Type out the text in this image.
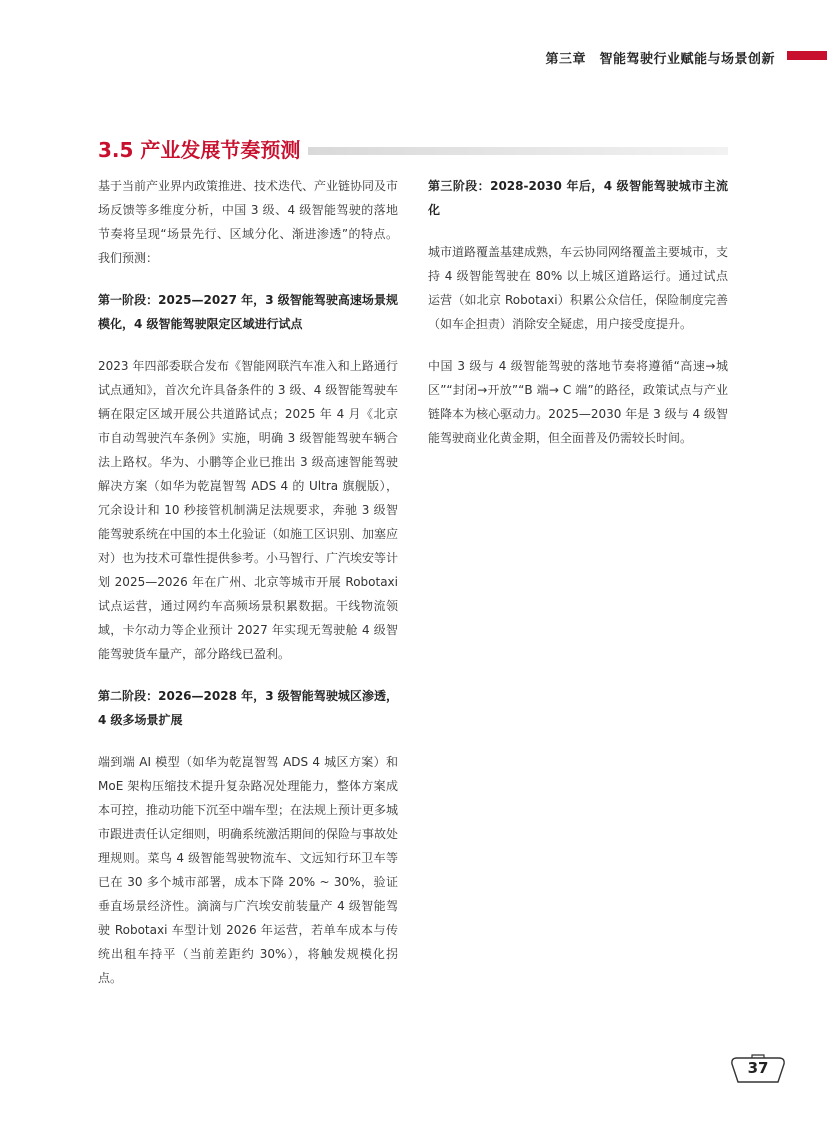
第三章　智能驾驶行业赋能与场景创新
3.5 产业发展节奏预测

基于当前产业界内政策推进、技术迭代、产业链协同及市场反馈等多维度分析，中国 3 级、4 级智能驾驶的落地节奏将呈现“场景先行、区域分化、渐进渗透”的特点。我们预测：

第一阶段：2025—2027 年，3 级智能驾驶高速场景规模化，4 级智能驾驶限定区域进行试点

2023 年四部委联合发布《智能网联汽车准入和上路通行试点通知》，首次允许具备条件的 3 级、4 级智能驾驶车辆在限定区域开展公共道路试点；2025 年 4 月《北京市自动驾驶汽车条例》实施，明确 3 级智能驾驶车辆合法上路权。华为、小鹏等企业已推出 3 级高速智能驾驶解决方案（如华为乾崑智驾 ADS 4 的 Ultra 旗舰版），冗余设计和 10 秒接管机制满足法规要求，奔驰 3 级智能驾驶系统在中国的本土化验证（如施工区识别、加塞应对）也为技术可靠性提供参考。小马智行、广汽埃安等计划 2025—2026 年在广州、北京等城市开展 Robotaxi 试点运营，通过网约车高频场景积累数据。干线物流领域，卡尔动力等企业预计 2027 年实现无驾驶舱 4 级智能驾驶货车量产，部分路线已盈利。

第二阶段：2026—2028 年，3 级智能驾驶城区渗透，4 级多场景扩展

端到端 AI 模型（如华为乾崑智驾 ADS 4 城区方案）和 MoE 架构压缩技术提升复杂路况处理能力，整体方案成本可控，推动功能下沉至中端车型；在法规上预计更多城市跟进责任认定细则，明确系统激活期间的保险与事故处理规则。菜鸟 4 级智能驾驶物流车、文远知行环卫车等已在 30 多个城市部署，成本下降 20% ~ 30%，验证垂直场景经济性。滴滴与广汽埃安前装量产 4 级智能驾驶 Robotaxi 车型计划 2026 年运营，若单车成本与传统出租车持平（当前差距约 30%），将触发规模化拐点。

第三阶段：2028-2030 年后，4 级智能驾驶城市主流化

城市道路覆盖基建成熟，车云协同网络覆盖主要城市，支持 4 级智能驾驶在 80% 以上城区道路运行。通过试点运营（如北京 Robotaxi）积累公众信任，保险制度完善（如车企担责）消除安全疑虑，用户接受度提升。

中国 3 级与 4 级智能驾驶的落地节奏将遵循“高速→城区”“封闭→开放”“B 端→ C 端”的路径，政策试点与产业链降本为核心驱动力。2025—2030 年是 3 级与 4 级智能驾驶商业化黄金期，但全面普及仍需较长时间。

37
